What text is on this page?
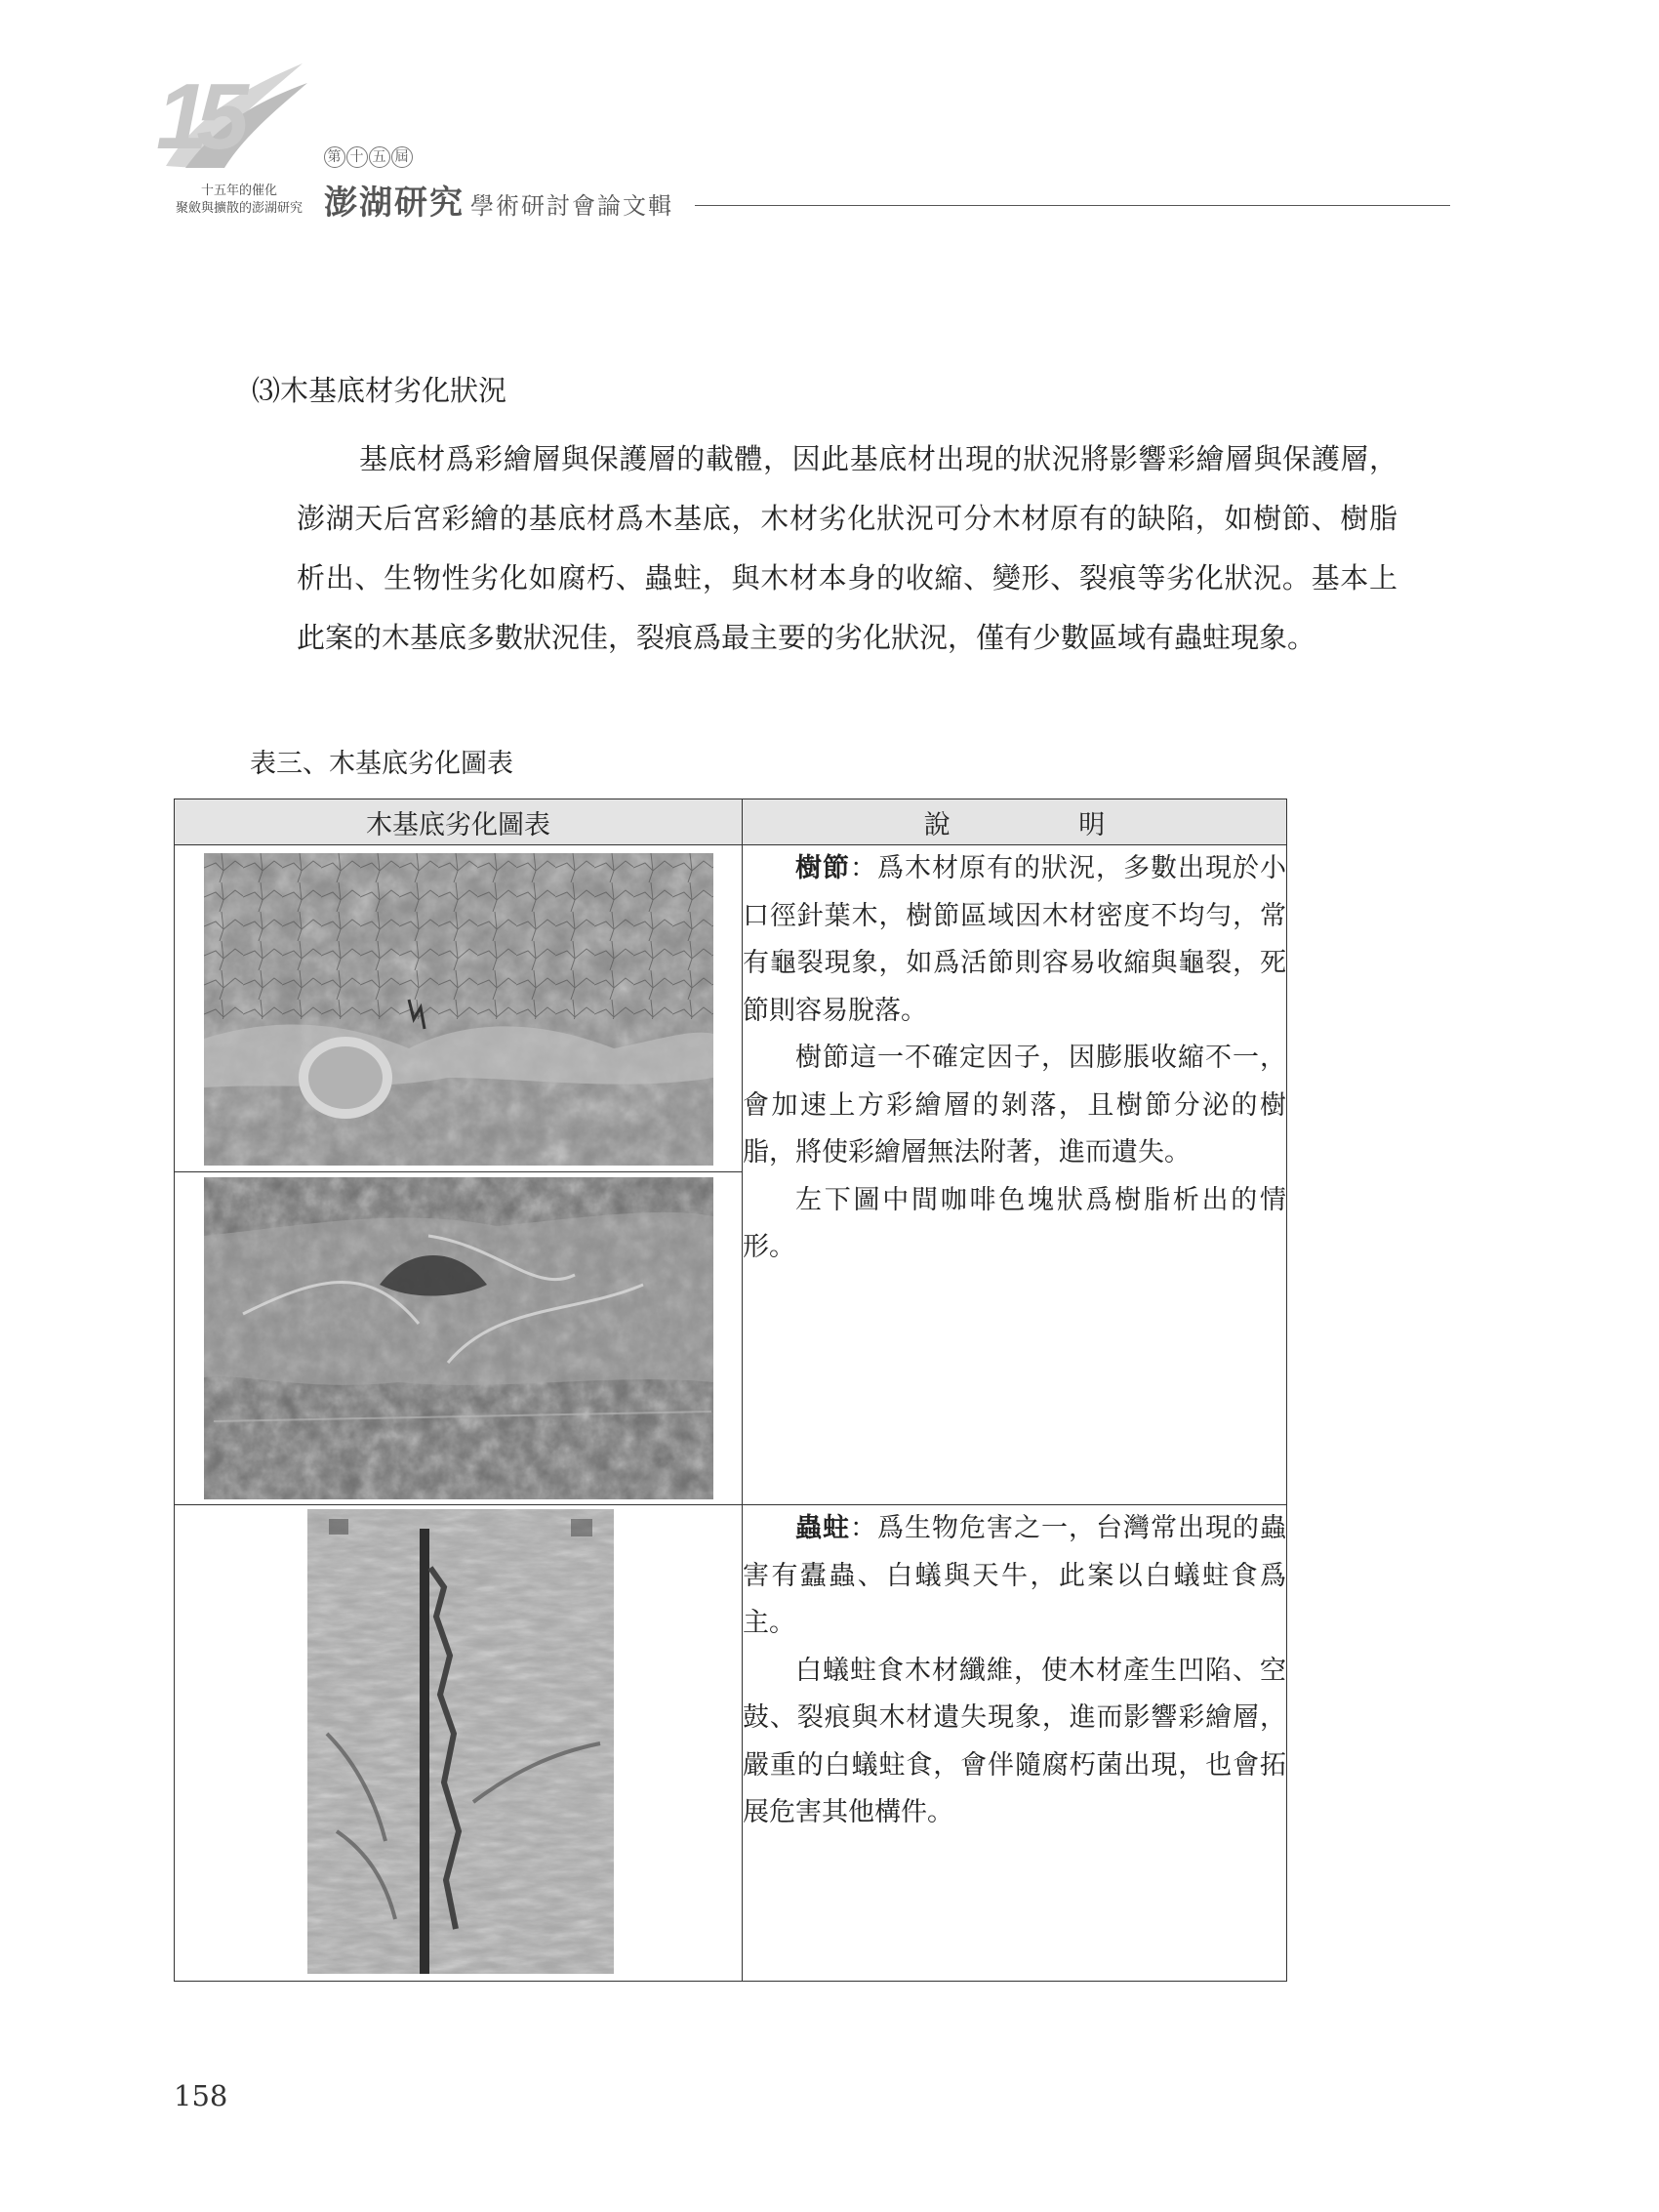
15
十五年的催化
聚斂與擴散的澎湖研究
第 十 五 屆
澎湖研究 學術研討會論文輯
⑶木基底材劣化狀況
基底材爲彩繪層與保護層的載體，因此基底材出現的狀況將影響彩繪層與保護層，澎湖天后宮彩繪的基底材爲木基底，木材劣化狀況可分木材原有的缺陷，如樹節、樹脂析出、生物性劣化如腐朽、蟲蛀，與木材本身的收縮、變形、裂痕等劣化狀況。基本上此案的木基底多數狀況佳，裂痕爲最主要的劣化狀況，僅有少數區域有蟲蛀現象。
表三、木基底劣化圖表
木基底劣化圖表	說 明

樹節：爲木材原有的狀況，多數出現於小口徑針葉木，樹節區域因木材密度不均勻，常有龜裂現象，如爲活節則容易收縮與龜裂，死節則容易脫落。

樹節這一不確定因子，因膨脹收縮不一，會加速上方彩繪層的剝落，且樹節分泌的樹脂，將使彩繪層無法附著，進而遺失。

左下圖中間咖啡色塊狀爲樹脂析出的情形。

蟲蛀：爲生物危害之一，台灣常出現的蟲害有蠹蟲、白蟻與天牛，此案以白蟻蛀食爲主。

白蟻蛀食木材纖維，使木材產生凹陷、空鼓、裂痕與木材遺失現象，進而影響彩繪層，嚴重的白蟻蛀食，會伴隨腐朽菌出現，也會拓展危害其他構件。

158
